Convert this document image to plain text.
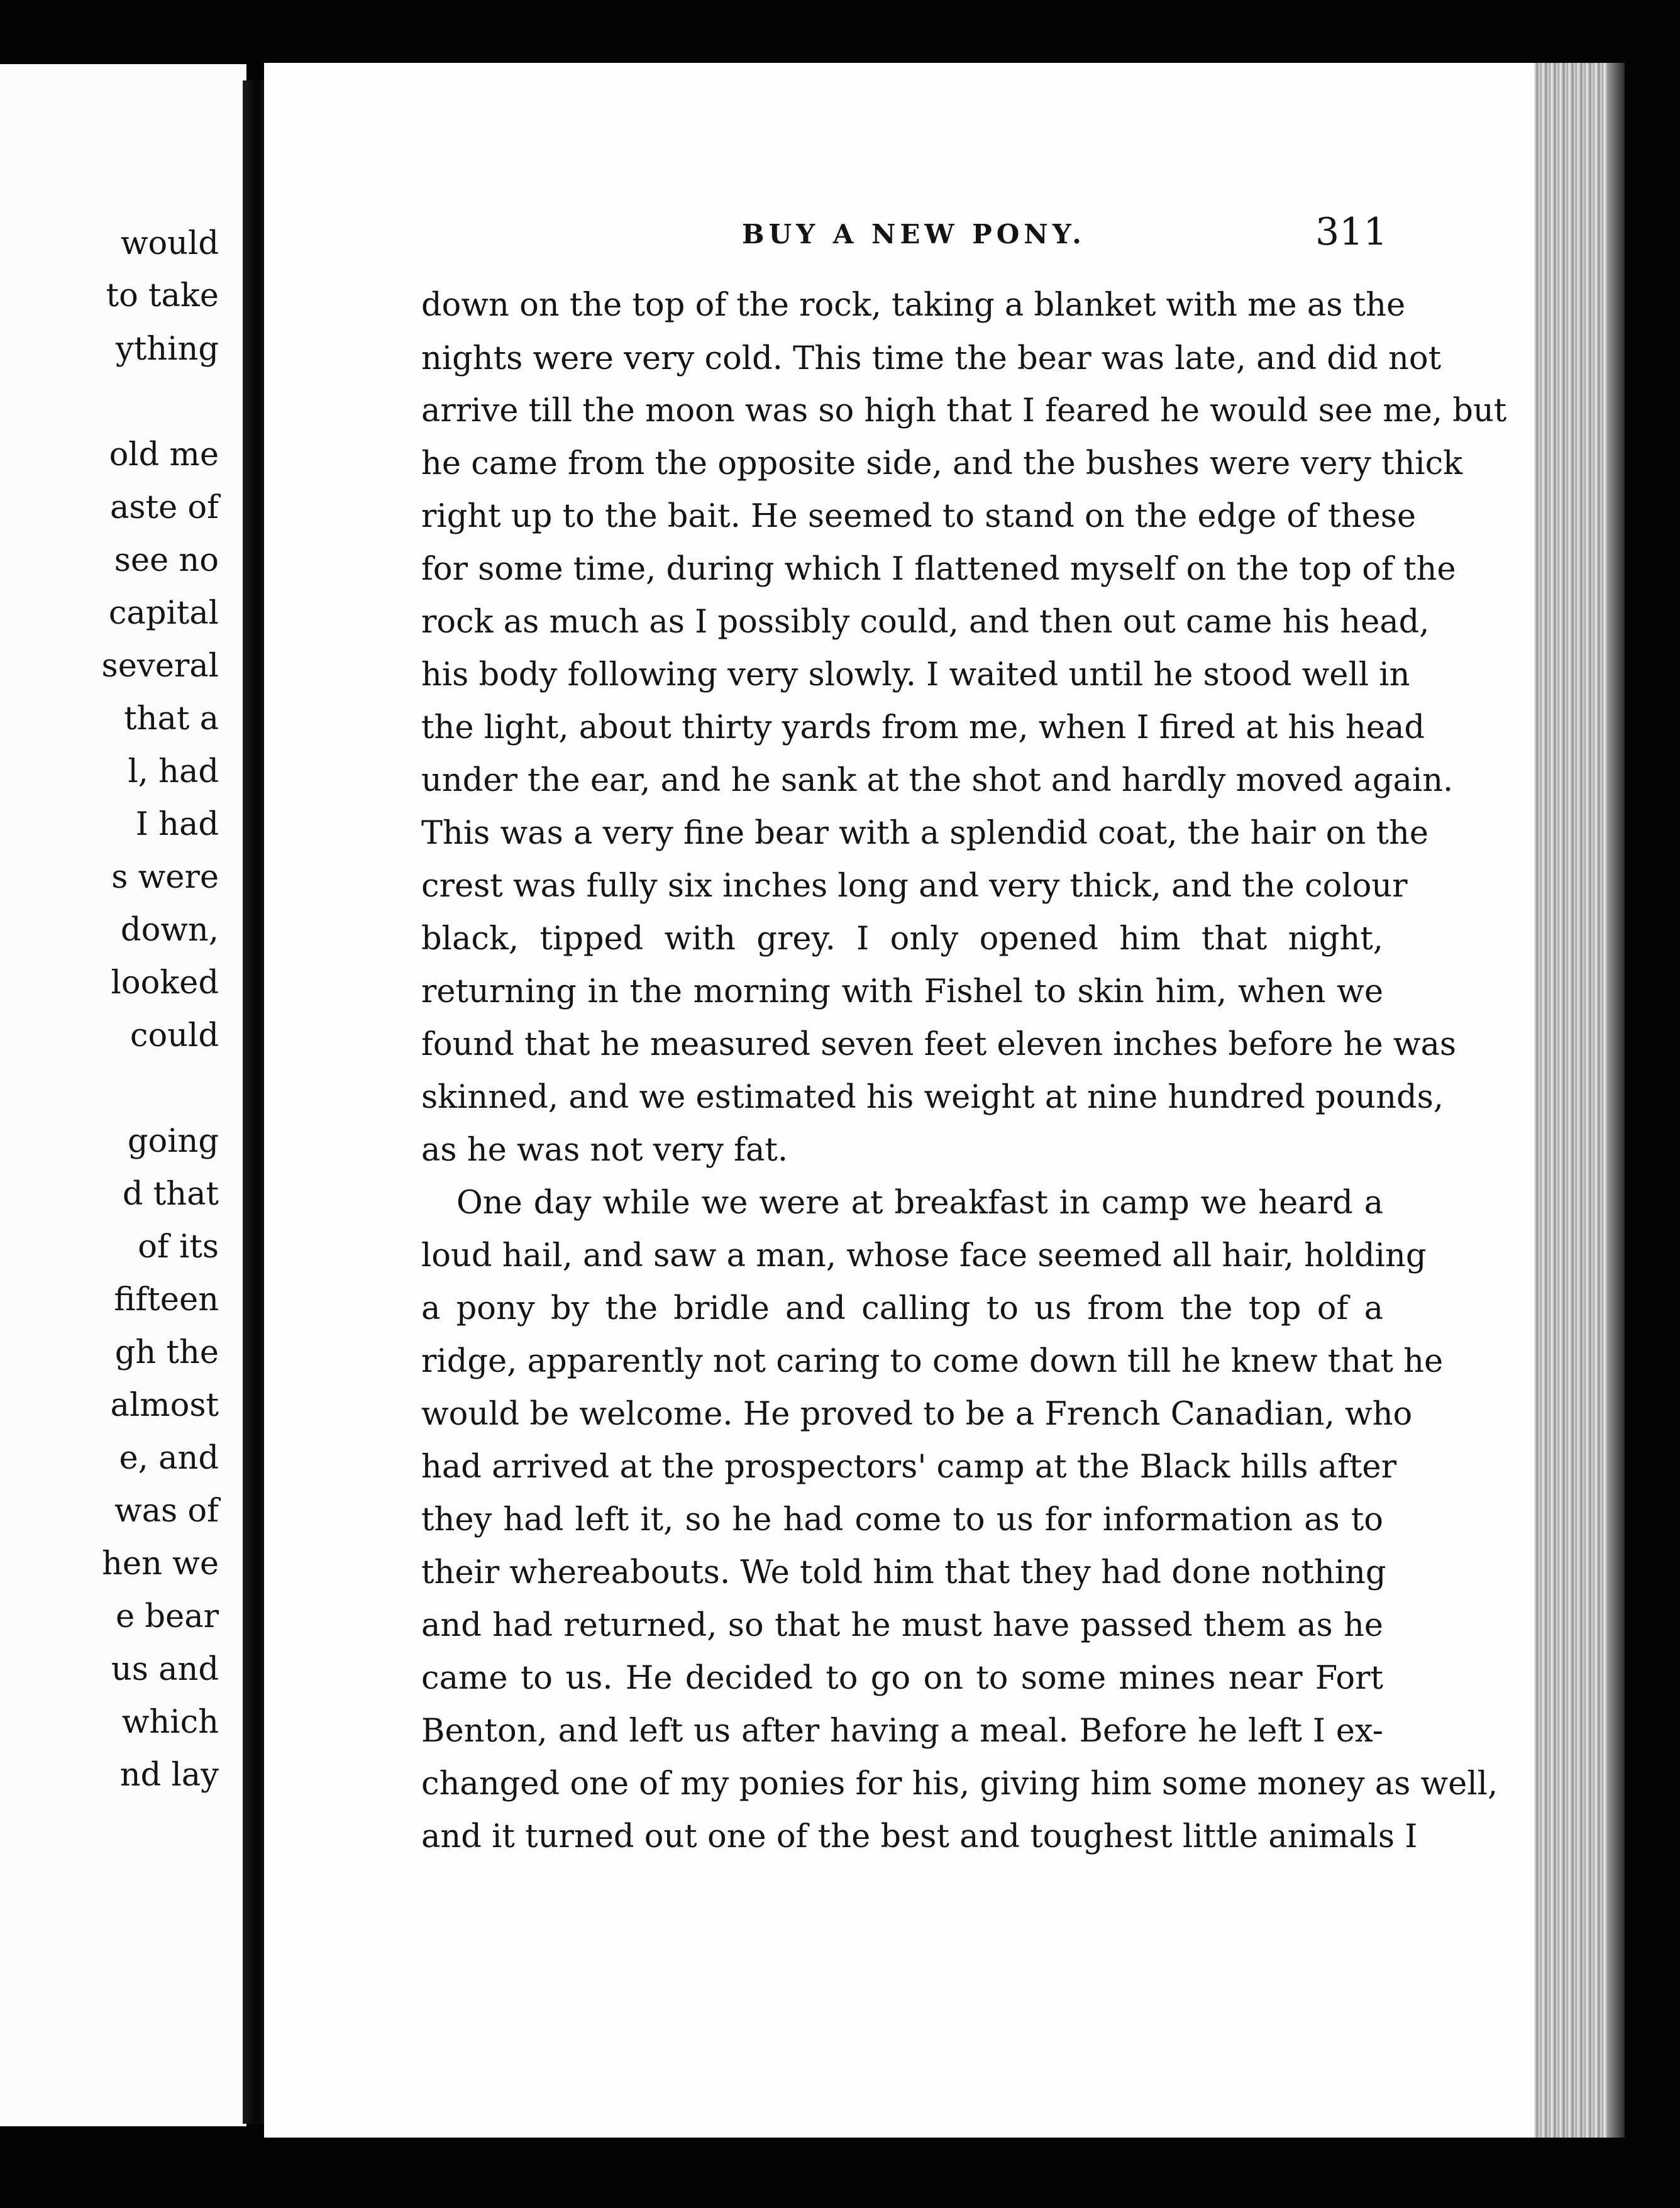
would
to take
ything
old me
aste of
see no
capital
several
that a
l, had
I had
s were
down,
looked
could
going
d that
of its
fifteen
gh the
almost
e, and
was of
hen we
e bear
us and
which
nd lay
BUY A NEW PONY.	311
down on the top of the rock, taking a blanket with me as the
nights were very cold. This time the bear was late, and did not
arrive till the moon was so high that I feared he would see me, but
he came from the opposite side, and the bushes were very thick
right up to the bait. He seemed to stand on the edge of these
for some time, during which I flattened myself on the top of the
rock as much as I possibly could, and then out came his head,
his body following very slowly. I waited until he stood well in
the light, about thirty yards from me, when I fired at his head
under the ear, and he sank at the shot and hardly moved again.
This was a very fine bear with a splendid coat, the hair on the
crest was fully six inches long and very thick, and the colour
black, tipped with grey. I only opened him that night,
returning in the morning with Fishel to skin him, when we
found that he measured seven feet eleven inches before he was
skinned, and we estimated his weight at nine hundred pounds,
as he was not very fat.
One day while we were at breakfast in camp we heard a
loud hail, and saw a man, whose face seemed all hair, holding
a pony by the bridle and calling to us from the top of a
ridge, apparently not caring to come down till he knew that he
would be welcome. He proved to be a French Canadian, who
had arrived at the prospectors' camp at the Black hills after
they had left it, so he had come to us for information as to
their whereabouts. We told him that they had done nothing
and had returned, so that he must have passed them as he
came to us. He decided to go on to some mines near Fort
Benton, and left us after having a meal. Before he left I ex-
changed one of my ponies for his, giving him some money as well,
and it turned out one of the best and toughest little animals I
